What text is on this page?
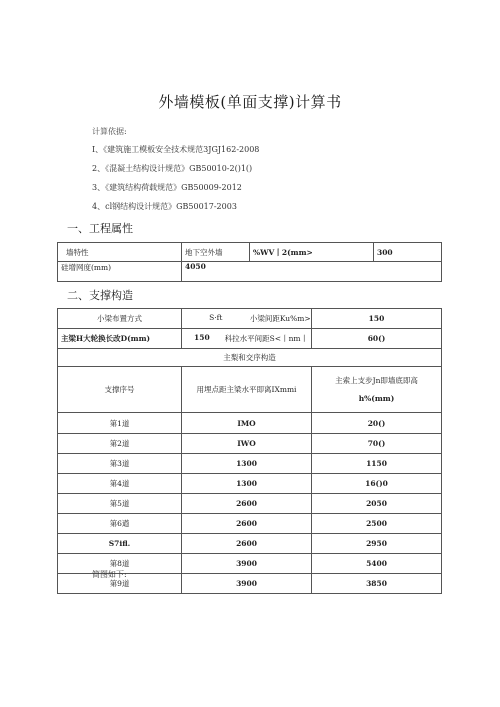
外墙模板(单面支撑)计算书
计算依据:
I、《建筑施工模板安全技术规范3JGJ162-2008
2、《混凝土结构设计规范》GB50010-2()1()
3、《建筑结构荷载规范》GB50009-2012
4、cl钢结构设计规范》GB50017-2003
一、工程属性
墙特性	地下空外墙	%WV丨2(mm>	300
硅增网度(mm)	4050		
二、支撑构造
小梁布置方式	S·ft 小梁间距Ku%m>	150
主梁H大轮换长改D(mm)	150 科拉水平间距S<丨nm丨	60()
主梨和交序构造		
支撑序号	用埋点距主梁水平即离IXmmi	主索上支步Jn即墙底即高
h%(mm)

第1道	IMO	20()
第2道	IWO	70()
第3道	1300	1150
第4道	1300	16()0
第5道	2600	2050
第6遒	2600	2500
S7ifl.	2600	2950
第8道	3900	5400
第9道	3900	3850
简图如下:
